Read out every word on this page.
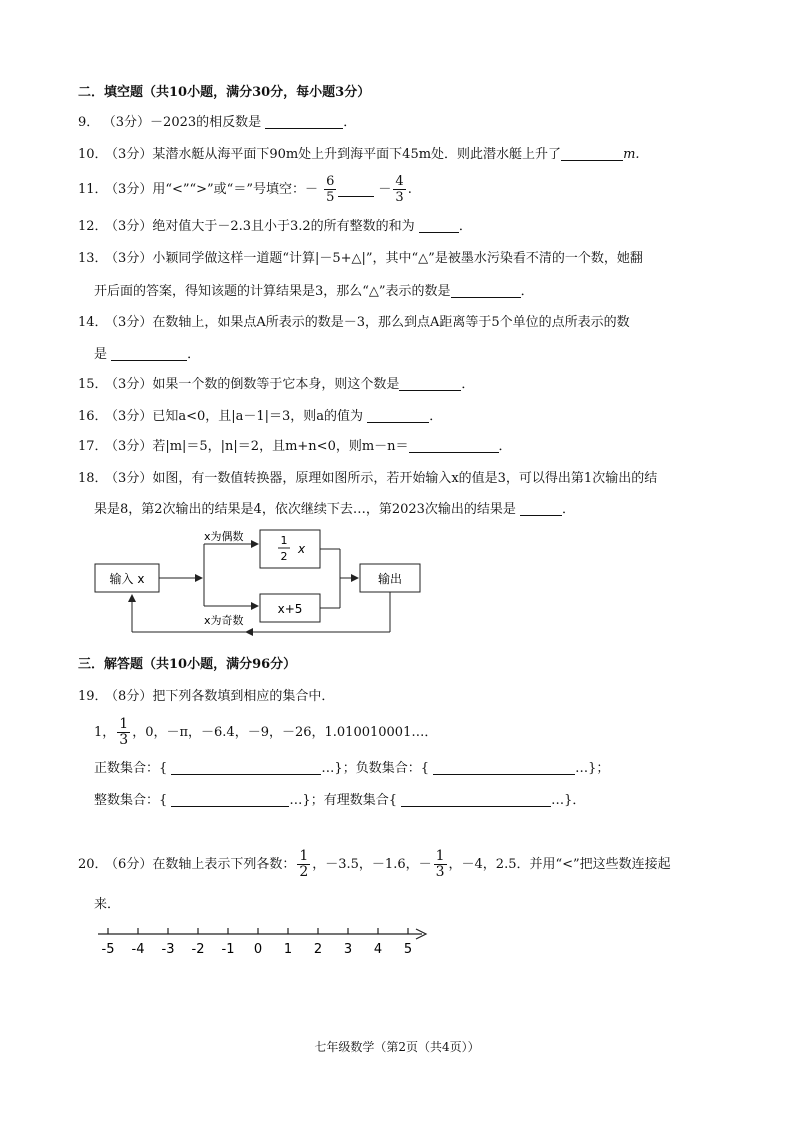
二．填空题（共10小题，满分30分，每小题3分）
9． （3分）－2023的相反数是	．
10． （3分）某潜水艇从海平面下90m处上升到海平面下45m处．则此潜水艇上升了	m.
11． （3分）用“<”“>”或“＝”号填空：－ $\frac{6}{5}$	－ $\frac{4}{3}$ .
12． （3分）绝对值大于－2.3且小于3.2的所有整数的和为	．
13． （3分）小颖同学做这样一道题“计算|－5+△|”，其中“△”是被墨水污染看不清的一个数，她翻
开后面的答案，得知该题的计算结果是3，那么“△”表示的数是	．
14． （3分）在数轴上，如果点A所表示的数是－3，那么到点A距离等于5个单位的点所表示的数
是	．
15． （3分）如果一个数的倒数等于它本身，则这个数是	．
16． （3分）已知a<0，且|a－1|＝3，则a的值为	．
17． （3分）若|m|＝5，|n|＝2，且m+n<0，则m－n＝	．
18． （3分）如图，有一数值转换器，原理如图所示，若开始输入x的值是3，可以得出第1次输出的结
果是8，第2次输出的结果是4，依次继续下去…，第2023次输出的结果是	．
输入 x
x为偶数
x为奇数
1
2
x
x+5
输出
三．解答题（共10小题，满分96分）
19． （8分）把下列各数填到相应的集合中．
1， $\frac{1}{3}$ ，0，－π，－6.4，－9，－26，1.010010001…．
正数集合：{	…}；负数集合：{	…}；
整数集合：{	…}；有理数集合{	…}．
20． （6分）在数轴上表示下列各数： $\frac{1}{2}$ ，－3.5，－1.6，－ $\frac{1}{3}$ ，－4，2.5．并用“<”把这些数连接起
来．
-5 -4 -3 -2 -1 0 1 2 3 4 5
七年级数学（第2页（共4页））
